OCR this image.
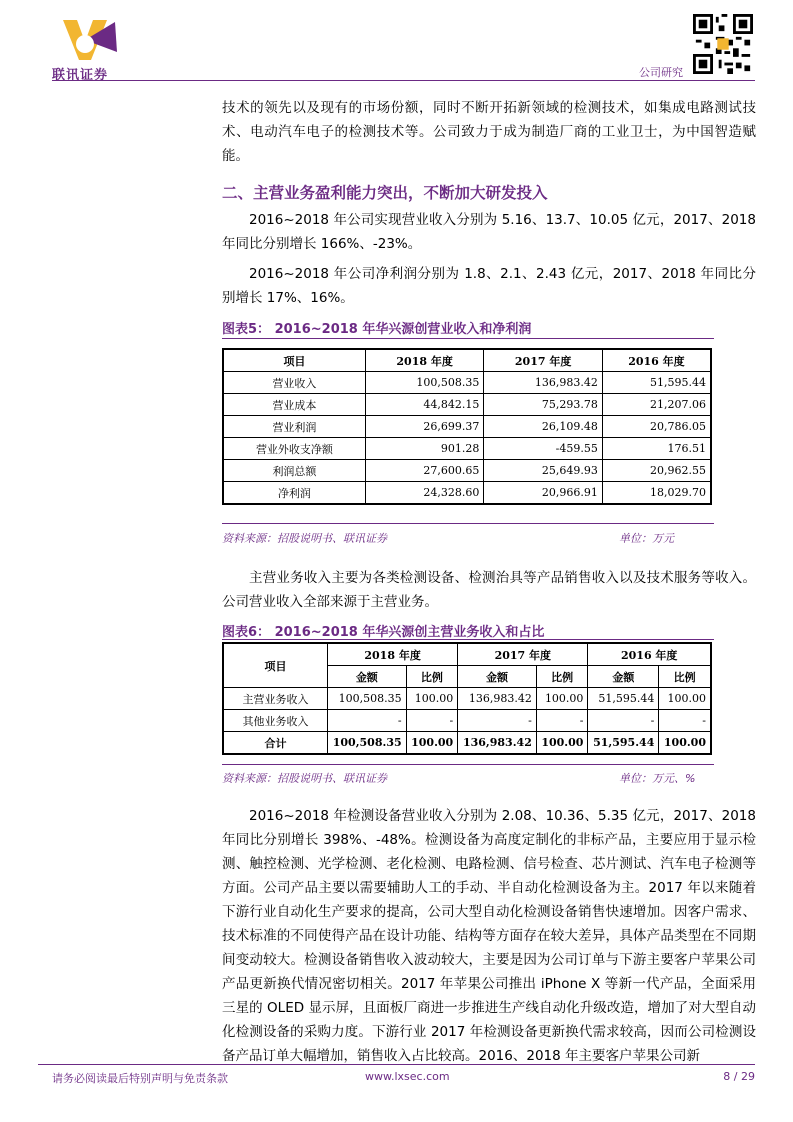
联讯证券	公司研究

技术的领先以及现有的市场份额，同时不断开拓新领域的检测技术，如集成电路测试技术、电动汽车电子的检测技术等。公司致力于成为制造厂商的工业卫士，为中国智造赋能。

二、主营业务盈利能力突出，不断加大研发投入

2016~2018 年公司实现营业收入分别为 5.16、13.7、10.05 亿元，2017、2018 年同比分别增长 166%、-23%。

2016~2018 年公司净利润分别为 1.8、2.1、2.43 亿元，2017、2018 年同比分别增长 17%、16%。

图表5： 2016~2018 年华兴源创营业收入和净利润
项目	2018 年度	2017 年度	2016 年度
营业收入	100,508.35	136,983.42	51,595.44
营业成本	44,842.15	75,293.78	21,207.06
营业利润	26,699.37	26,109.48	20,786.05
营业外收支净额	901.28	-459.55	176.51
利润总额	27,600.65	25,649.93	20,962.55
净利润	24,328.60	20,966.91	18,029.70
资料来源：招股说明书、联讯证券	单位：万元

主营业务收入主要为各类检测设备、检测治具等产品销售收入以及技术服务等收入。公司营业收入全部来源于主营业务。

图表6： 2016~2018 年华兴源创主营业务收入和占比
项目	2018 年度		2017 年度		2016 年度	
	金额	比例	金额	比例	金额	比例
主营业务收入	100,508.35	100.00	136,983.42	100.00	51,595.44	100.00
其他业务收入	-	-	-	-	-	-
合计	100,508.35	100.00	136,983.42	100.00	51,595.44	100.00
资料来源：招股说明书、联讯证券	单位：万元、%

2016~2018 年检测设备营业收入分别为 2.08、10.36、5.35 亿元，2017、2018 年同比分别增长 398%、-48%。检测设备为高度定制化的非标产品，主要应用于显示检测、触控检测、光学检测、老化检测、电路检测、信号检查、芯片测试、汽车电子检测等方面。公司产品主要以需要辅助人工的手动、半自动化检测设备为主。2017 年以来随着下游行业自动化生产要求的提高，公司大型自动化检测设备销售快速增加。因客户需求、技术标准的不同使得产品在设计功能、结构等方面存在较大差异，具体产品类型在不同期间变动较大。检测设备销售收入波动较大，主要是因为公司订单与下游主要客户苹果公司产品更新换代情况密切相关。2017 年苹果公司推出 iPhone X 等新一代产品，全面采用三星的 OLED 显示屏，且面板厂商进一步推进生产线自动化升级改造，增加了对大型自动化检测设备的采购力度。下游行业 2017 年检测设备更新换代需求较高，因而公司检测设备产品订单大幅增加，销售收入占比较高。2016、2018 年主要客户苹果公司新

请务必阅读最后特别声明与免责条款	www.lxsec.com	8 / 29
